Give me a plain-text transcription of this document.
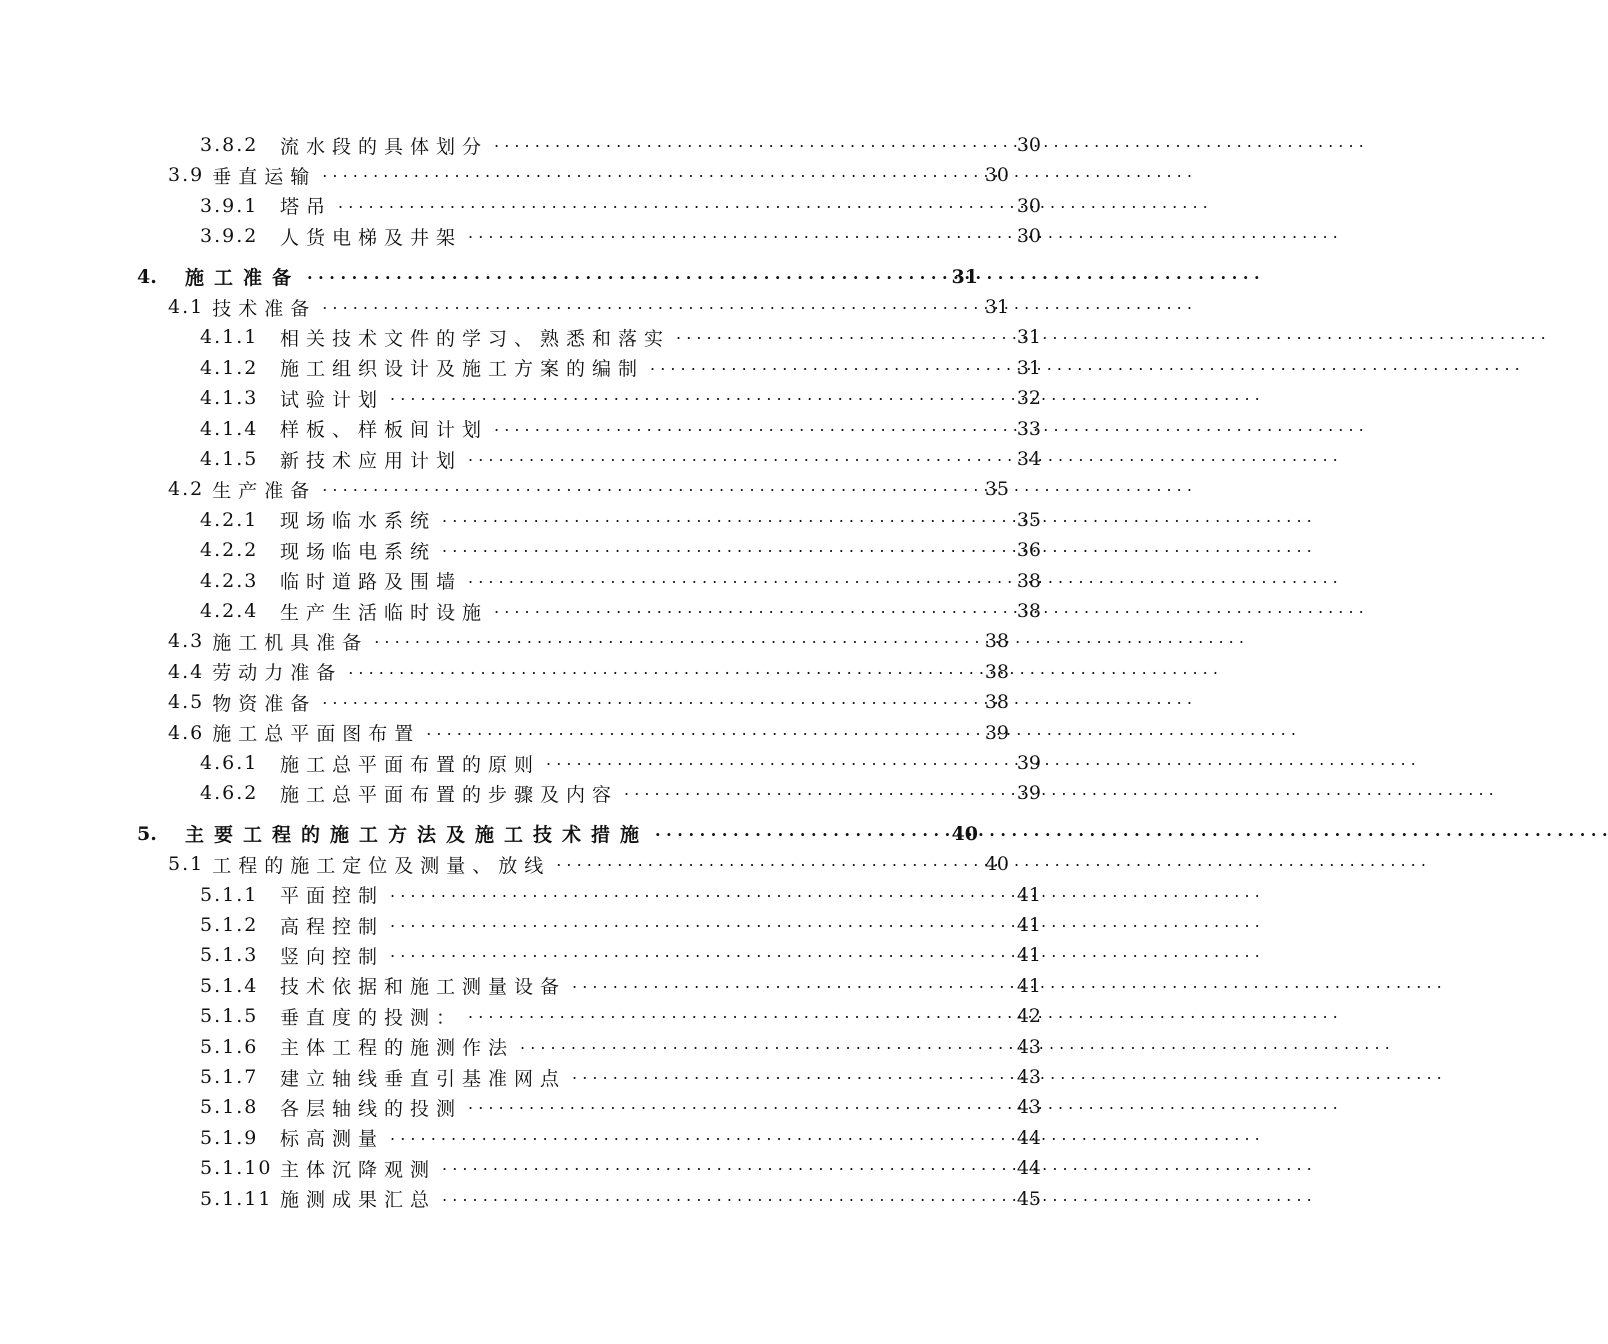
3.8.2	流水段的具体划分 . . .	30
3.9 垂直运输 . . .	30
3.9.1	塔吊 . . .	30
3.9.2	人货电梯及井架 . . .	30
4.	施工准备 . . .	31
4.1 技术准备 . . .	31
4.1.1	相关技术文件的学习、熟悉和落实 . . .	31
4.1.2	施工组织设计及施工方案的编制 . . .	31
4.1.3	试验计划 . . .	32
4.1.4	样板、样板间计划 . . .	33
4.1.5	新技术应用计划 . . .	34
4.2 生产准备 . . .	35
4.2.1	现场临水系统 . . .	35
4.2.2	现场临电系统 . . .	36
4.2.3	临时道路及围墙 . . .	38
4.2.4	生产生活临时设施 . . .	38
4.3 施工机具准备 . . .	38
4.4 劳动力准备 . . .	38
4.5 物资准备 . . .	38
4.6 施工总平面图布置 . . .	39
4.6.1	施工总平面布置的原则 . . .	39
4.6.2	施工总平面布置的步骤及内容 . . .	39
5.	主要工程的施工方法及施工技术措施 . . .	40
5.1 工程的施工定位及测量、放线 . . .	40
5.1.1	平面控制 . . .	41
5.1.2	高程控制 . . .	41
5.1.3	竖向控制 . . .	41
5.1.4	技术依据和施工测量设备 . . .	41
5.1.5	垂直度的投测： . . .	42
5.1.6	主体工程的施测作法 . . .	43
5.1.7	建立轴线垂直引基准网点 . . .	43
5.1.8	各层轴线的投测 . . .	43
5.1.9	标高测量 . . .	44
5.1.10 主体沉降观测 . . .	44
5.1.11 施测成果汇总 . . .	45
